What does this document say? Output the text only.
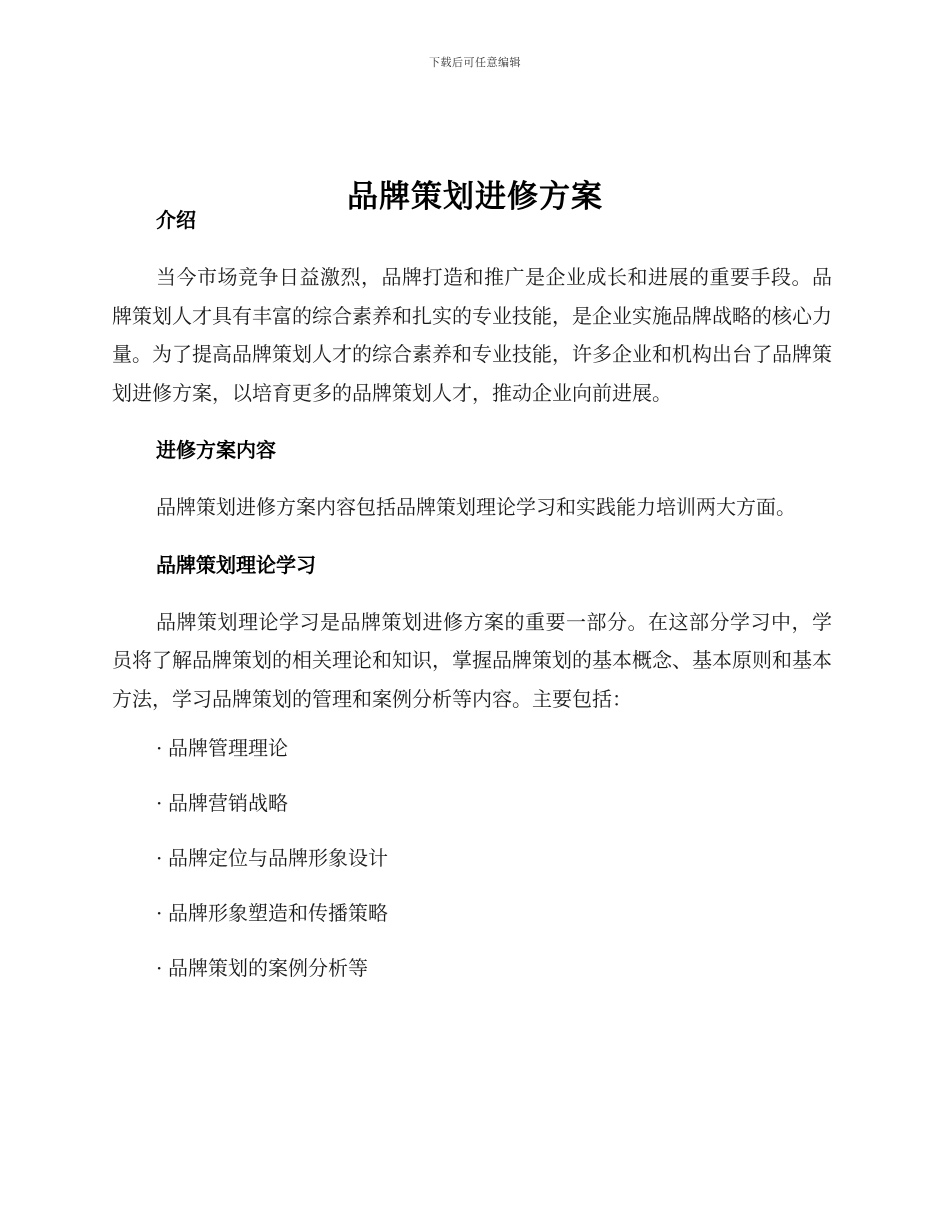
下载后可任意编辑
品牌策划进修方案
介绍

当今市场竞争日益激烈，品牌打造和推广是企业成长和进展的重要手段。品牌策划人才具有丰富的综合素养和扎实的专业技能，是企业实施品牌战略的核心力量。为了提高品牌策划人才的综合素养和专业技能，许多企业和机构出台了品牌策划进修方案，以培育更多的品牌策划人才，推动企业向前进展。

进修方案内容

品牌策划进修方案内容包括品牌策划理论学习和实践能力培训两大方面。

品牌策划理论学习

品牌策划理论学习是品牌策划进修方案的重要一部分。在这部分学习中，学员将了解品牌策划的相关理论和知识，掌握品牌策划的基本概念、基本原则和基本方法，学习品牌策划的管理和案例分析等内容。主要包括：

· 品牌管理理论
· 品牌营销战略
· 品牌定位与品牌形象设计
· 品牌形象塑造和传播策略
· 品牌策划的案例分析等
